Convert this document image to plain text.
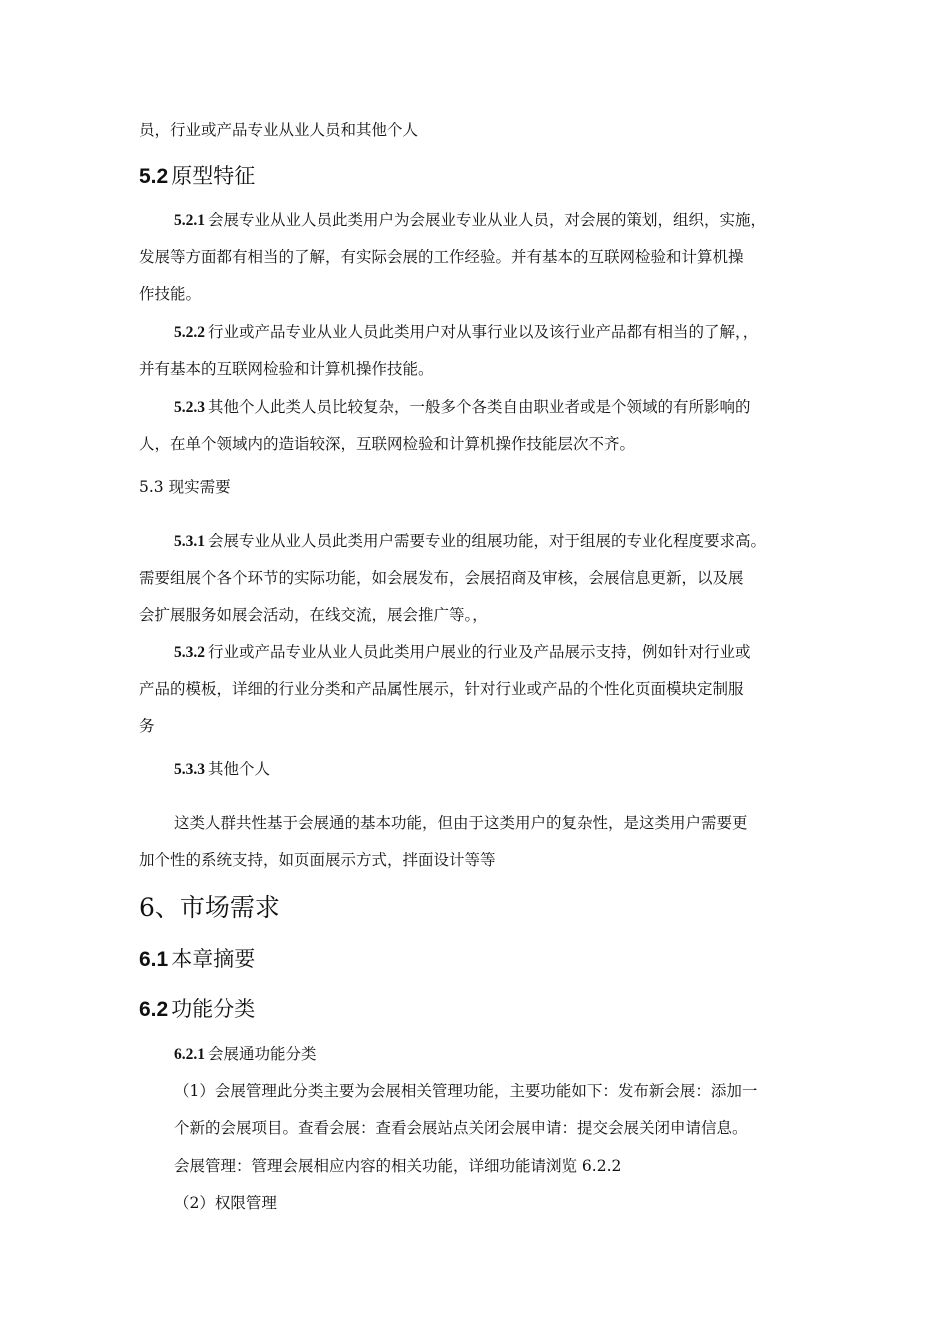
员，行业或产品专业从业人员和其他个人
5.2 原型特征
5.2.1 会展专业从业人员此类用户为会展业专业从业人员，对会展的策划，组织，实施，
发展等方面都有相当的了解，有实际会展的工作经验。并有基本的互联网检验和计算机操
作技能。
5.2.2 行业或产品专业从业人员此类用户对从事行业以及该行业产品都有相当的了解，，
并有基本的互联网检验和计算机操作技能。
5.2.3 其他个人此类人员比较复杂，一般多个各类自由职业者或是个领域的有所影响的
人，在单个领域内的造诣较深，互联网检验和计算机操作技能层次不齐。
5.3 现实需要
5.3.1 会展专业从业人员此类用户需要专业的组展功能，对于组展的专业化程度要求高。
需要组展个各个环节的实际功能，如会展发布，会展招商及审核，会展信息更新，以及展
会扩展服务如展会活动，在线交流，展会推广等。，
5.3.2 行业或产品专业从业人员此类用户展业的行业及产品展示支持，例如针对行业或
产品的模板，详细的行业分类和产品属性展示，针对行业或产品的个性化页面模块定制服
务
5.3.3 其他个人
这类人群共性基于会展通的基本功能，但由于这类用户的复杂性，是这类用户需要更
加个性的系统支持，如页面展示方式，拌面设计等等
6、市场需求
6.1 本章摘要
6.2 功能分类
6.2.1 会展通功能分类
（1）会展管理此分类主要为会展相关管理功能，主要功能如下：发布新会展：添加一
个新的会展项目。查看会展：查看会展站点关闭会展申请：提交会展关闭申请信息。
会展管理：管理会展相应内容的相关功能，详细功能请浏览 6.2.2
（2）权限管理
